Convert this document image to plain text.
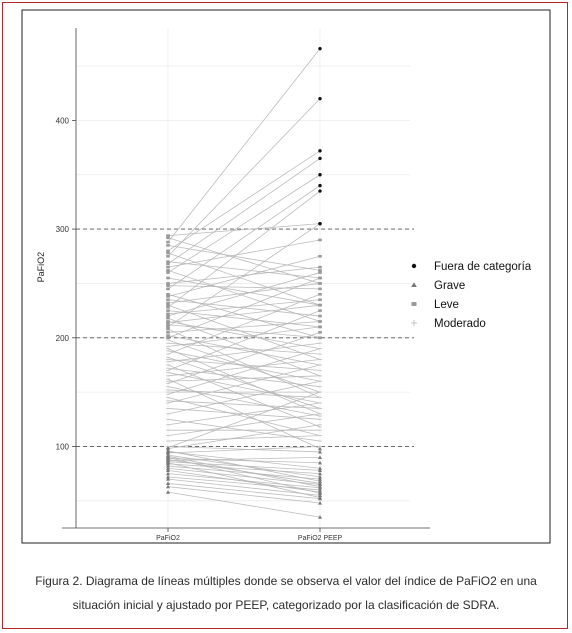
100
200
300
400
PaFiO2	PaFiO2 PEEP
PaFiO2	Fuera de categoría
Grave
Leve
Moderado
Figura 2. Diagrama de líneas múltiples donde se observa el valor del índice de PaFiO2 en una
situación inicial y ajustado por PEEP, categorizado por la clasificación de SDRA.
